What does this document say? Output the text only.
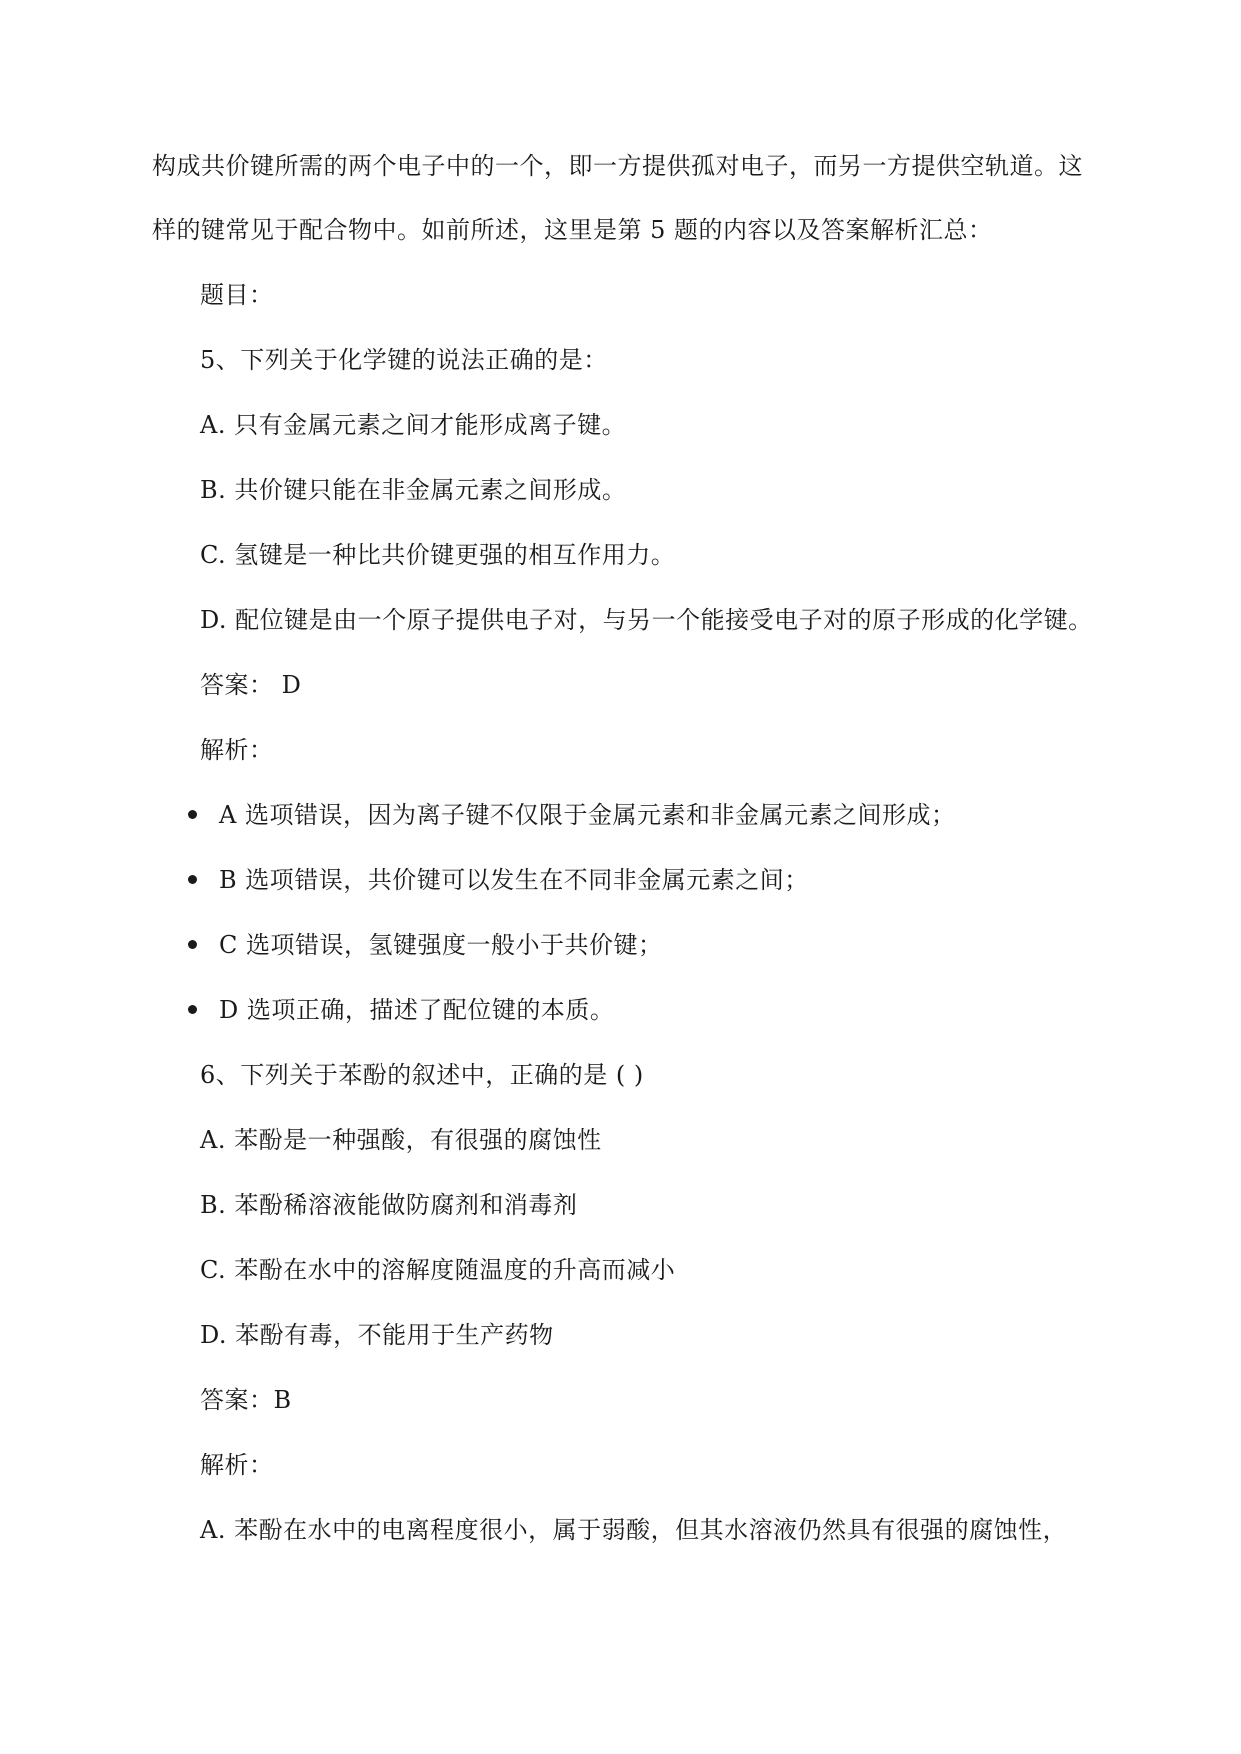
构成共价键所需的两个电子中的一个，即一方提供孤对电子，而另一方提供空轨道。这
样的键常见于配合物中。如前所述，这里是第 5 题的内容以及答案解析汇总：
题目：
5、下列关于化学键的说法正确的是：
A. 只有金属元素之间才能形成离子键。
B. 共价键只能在非金属元素之间形成。
C. 氢键是一种比共价键更强的相互作用力。
D. 配位键是由一个原子提供电子对，与另一个能接受电子对的原子形成的化学键。
答案： D
解析：
A 选项错误，因为离子键不仅限于金属元素和非金属元素之间形成；
B 选项错误，共价键可以发生在不同非金属元素之间；
C 选项错误，氢键强度一般小于共价键；
D 选项正确，描述了配位键的本质。
6、下列关于苯酚的叙述中，正确的是 ( )
A. 苯酚是一种强酸，有很强的腐蚀性
B. 苯酚稀溶液能做防腐剂和消毒剂
C. 苯酚在水中的溶解度随温度的升高而减小
D. 苯酚有毒，不能用于生产药物
答案：B
解析：
A. 苯酚在水中的电离程度很小，属于弱酸，但其水溶液仍然具有很强的腐蚀性，
